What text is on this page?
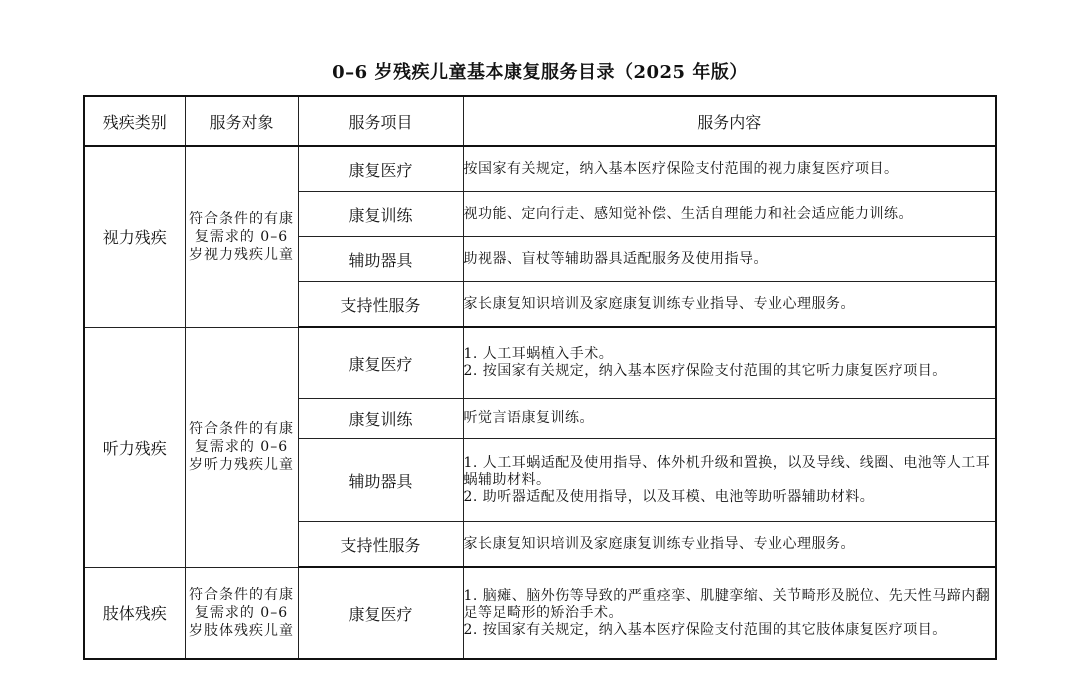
0–6 岁残疾儿童基本康复服务目录（2025 年版）
残疾类别	服务对象	服务项目	服务内容
视力残疾	符合条件的有康复需求的 0–6 岁视力残疾儿童	康复医疗	按国家有关规定，纳入基本医疗保险支付范围的视力康复医疗项目。

		康复训练	视功能、定向行走、感知觉补偿、生活自理能力和社会适应能力训练。

		辅助器具	助视器、盲杖等辅助器具适配服务及使用指导。

		支持性服务	家长康复知识培训及家庭康复训练专业指导、专业心理服务。

听力残疾	符合条件的有康复需求的 0–6 岁听力残疾儿童	康复医疗	1. 人工耳蜗植入手术。
2. 按国家有关规定，纳入基本医疗保险支付范围的其它听力康复医疗项目。

		康复训练	听觉言语康复训练。

		辅助器具	1. 人工耳蜗适配及使用指导、体外机升级和置换，以及导线、线圈、电池等人工耳蜗辅助材料。
2. 助听器适配及使用指导，以及耳模、电池等助听器辅助材料。

		支持性服务	家长康复知识培训及家庭康复训练专业指导、专业心理服务。

肢体残疾	符合条件的有康复需求的 0–6 岁肢体残疾儿童	康复医疗	1. 脑瘫、脑外伤等导致的严重痉挛、肌腱挛缩、关节畸形及脱位、先天性马蹄内翻足等足畸形的矫治手术。
2. 按国家有关规定，纳入基本医疗保险支付范围的其它肢体康复医疗项目。
